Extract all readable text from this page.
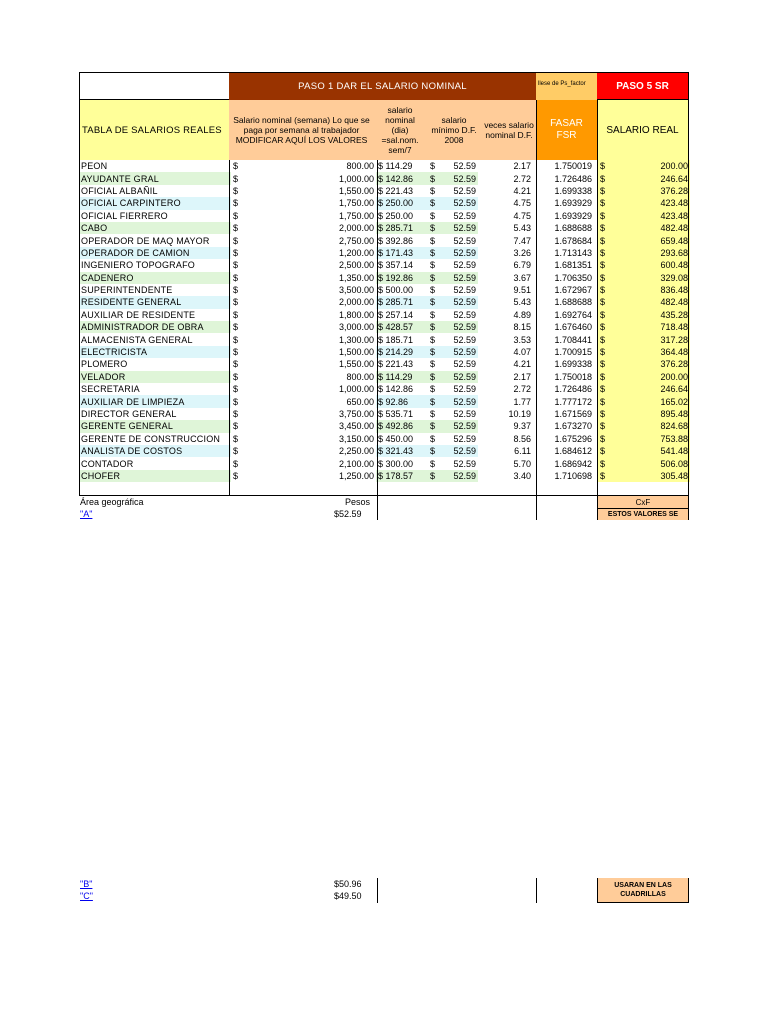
PASO 1 DAR EL SALARIO NOMINAL	llese de Ps_factor	PASO 5 SR
TABLA DE SALARIOS REALES
Salario nominal (semana) Lo que se paga por semana al trabajador MODIFICAR AQUÍ LOS VALORES
salario nominal (dia) =sal.nom. sem/7
salario mínimo D.F. 2008
veces salario nominal D.F.
FASAR FSR	SALARIO REAL
PEON	$ 800.00	$ 114.29	$ 52.59	2.17	1.750019	$ 200.00

AYUDANTE GRAL	$ 1,000.00	$ 142.86	$ 52.59	2.72	1.726486	$ 246.64

OFICIAL ALBAÑIL	$ 1,550.00	$ 221.43	$ 52.59	4.21	1.699338	$ 376.28

OFICIAL CARPINTERO	$ 1,750.00	$ 250.00	$ 52.59	4.75	1.693929	$ 423.48

OFICIAL FIERRERO	$ 1,750.00	$ 250.00	$ 52.59	4.75	1.693929	$ 423.48

CABO	$ 2,000.00	$ 285.71	$ 52.59	5.43	1.688688	$ 482.48

OPERADOR DE MAQ MAYOR	$ 2,750.00	$ 392.86	$ 52.59	7.47	1.678684	$ 659.48

OPERADOR DE CAMION	$ 1,200.00	$ 171.43	$ 52.59	3.26	1.713143	$ 293.68

INGENIERO TOPOGRAFO	$ 2,500.00	$ 357.14	$ 52.59	6.79	1.681351	$ 600.48

CADENERO	$ 1,350.00	$ 192.86	$ 52.59	3.67	1.706350	$ 329.08

SUPERINTENDENTE	$ 3,500.00	$ 500.00	$ 52.59	9.51	1.672967	$ 836.48

RESIDENTE GENERAL	$ 2,000.00	$ 285.71	$ 52.59	5.43	1.688688	$ 482.48

AUXILIAR DE RESIDENTE	$ 1,800.00	$ 257.14	$ 52.59	4.89	1.692764	$ 435.28

ADMINISTRADOR DE OBRA	$ 3,000.00	$ 428.57	$ 52.59	8.15	1.676460	$ 718.48

ALMACENISTA GENERAL	$ 1,300.00	$ 185.71	$ 52.59	3.53	1.708441	$ 317.28

ELECTRICISTA	$ 1,500.00	$ 214.29	$ 52.59	4.07	1.700915	$ 364.48

PLOMERO	$ 1,550.00	$ 221.43	$ 52.59	4.21	1.699338	$ 376.28

VELADOR	$ 800.00	$ 114.29	$ 52.59	2.17	1.750018	$ 200.00

SECRETARIA	$ 1,000.00	$ 142.86	$ 52.59	2.72	1.726486	$ 246.64

AUXILIAR DE LIMPIEZA	$ 650.00	$ 92.86	$ 52.59	1.77	1.777172	$ 165.02

DIRECTOR GENERAL	$ 3,750.00	$ 535.71	$ 52.59	10.19	1.671569	$ 895.48

GERENTE GENERAL	$ 3,450.00	$ 492.86	$ 52.59	9.37	1.673270	$ 824.68

GERENTE DE CONSTRUCCION	$ 3,150.00	$ 450.00	$ 52.59	8.56	1.675296	$ 753.88

ANALISTA DE COSTOS	$ 2,250.00	$ 321.43	$ 52.59	6.11	1.684612	$ 541.48

CONTADOR	$ 2,100.00	$ 300.00	$ 52.59	5.70	1.686942	$ 506.08

CHOFER	$ 1,250.00	$ 178.57	$ 52.59	3.40	1.710698	$ 305.48
Área geográfica	Pesos
"A"	$52.59
CxF
ESTOS VALORES SE
"B"	$50.96
"C"	$49.50
USARAN EN LAS CUADRILLAS
